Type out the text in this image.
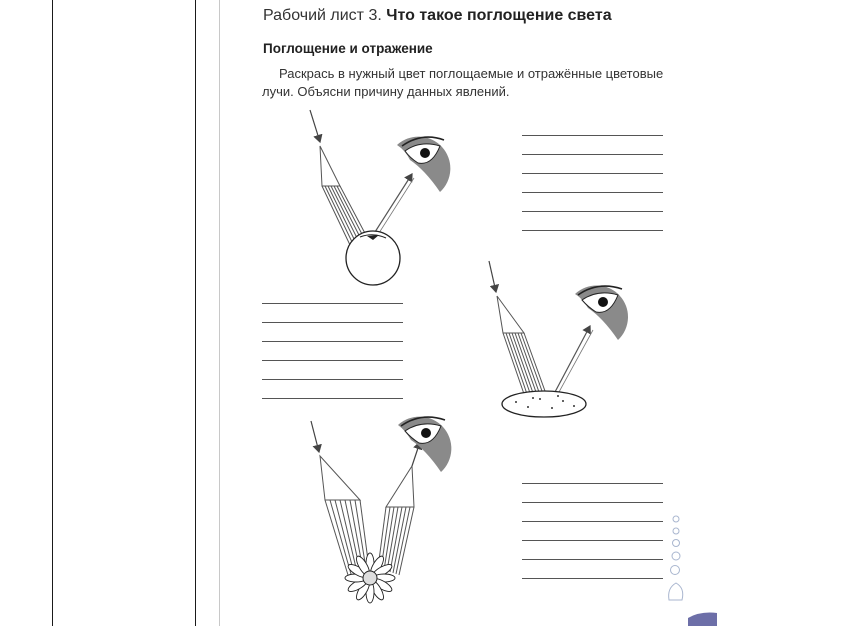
Рабочий лист 3. Что такое поглощение света
Поглощение и отражение
Раскрась в нужный цвет поглощаемые и отражённые цветовые лучи. Объясни причину данных явлений.
